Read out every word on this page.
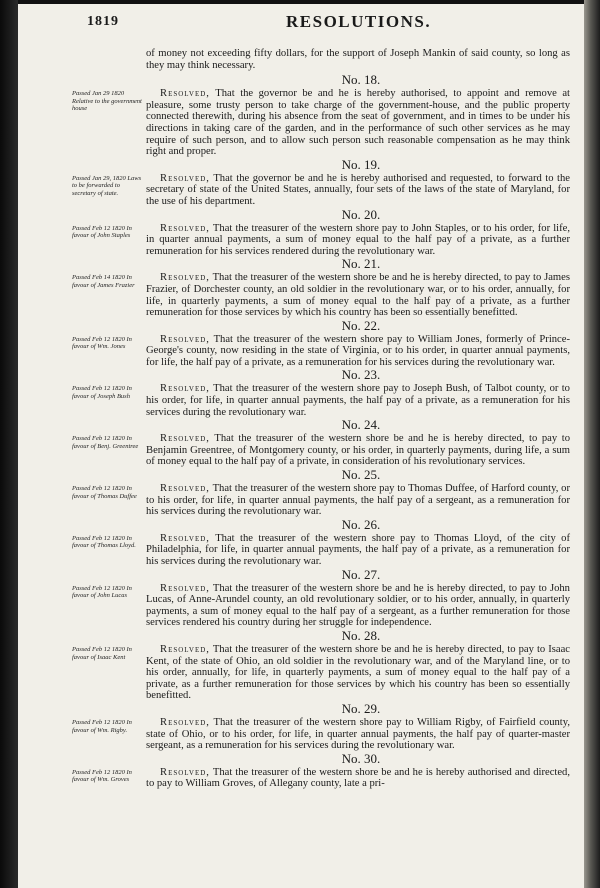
1819	RESOLUTIONS.
of money not exceeding fifty dollars, for the support of Joseph Mankin of said county, so long as they may think necessary.
No. 18.
Passed Jan 29 1820 Relative to the government house
Resolved, That the governor be and he is hereby authorised, to appoint and remove at pleasure, some trusty person to take charge of the government-house, and the public property connected therewith, during his absence from the seat of government, and in times to be under his directions in taking care of the garden, and in the performance of such other services as he may require of such person, and to allow such person such reasonable compensation as he may think right and proper.
No. 19.
Passed Jan 29, 1820 Laws to be forwarded to secretary of state.
Resolved, That the governor be and he is hereby authorised and requested, to forward to the secretary of state of the United States, annually, four sets of the laws of the state of Maryland, for the use of his department.
No. 20.
Passed Feb 12 1820 In favour of John Staples
Resolved, That the treasurer of the western shore pay to John Staples, or to his order, for life, in quarter annual payments, a sum of money equal to the half pay of a private, as a further remuneration for his services rendered during the revolutionary war.
No. 21.
Passed Feb 14 1820 In favour of James Frazier
Resolved, That the treasurer of the western shore be and he is hereby directed, to pay to James Frazier, of Dorchester county, an old soldier in the revolutionary war, or to his order, annually, for life, in quarterly payments, a sum of money equal to the half pay of a private, as a further remuneration for those services by which his country has been so essentially benefitted.
No. 22.
Passed Feb 12 1820 In favour of Wm. Jones
Resolved, That the treasurer of the western shore pay to William Jones, formerly of Prince-George's county, now residing in the state of Virginia, or to his order, in quarter annual payments, for life, the half pay of a private, as a remuneration for his services during the revolutionary war.
No. 23.
Passed Feb 12 1820 In favour of Joseph Bush
Resolved, That the treasurer of the western shore pay to Joseph Bush, of Talbot county, or to his order, for life, in quarter annual payments, the half pay of a private, as a remuneration for his services during the revolutionary war.
No. 24.
Passed Feb 12 1820 In favour of Benj. Greentree
Resolved, That the treasurer of the western shore be and he is hereby directed, to pay to Benjamin Greentree, of Montgomery county, or his order, in quarterly payments, during life, a sum of money equal to the half pay of a private, in consideration of his revolutionary services.
No. 25.
Passed Feb 12 1820 In favour of Thomas Duffee
Resolved, That the treasurer of the western shore pay to Thomas Duffee, of Harford county, or to his order, for life, in quarter annual payments, the half pay of a sergeant, as a remuneration for his services during the revolutionary war.
No. 26.
Passed Feb 12 1820 In favour of Thomas Lloyd.
Resolved, That the treasurer of the western shore pay to Thomas Lloyd, of the city of Philadelphia, for life, in quarter annual payments, the half pay of a private, as a remuneration for his services during the revolutionary war.
No. 27.
Passed Feb 12 1820 In favour of John Lucas
Resolved, That the treasurer of the western shore be and he is hereby directed, to pay to John Lucas, of Anne-Arundel county, an old revolutionary soldier, or to his order, annually, in quarterly payments, a sum of money equal to the half pay of a sergeant, as a further remuneration for those services rendered his country during her struggle for independence.
No. 28.
Passed Feb 12 1820 In favour of Isaac Kent
Resolved, That the treasurer of the western shore be and he is hereby directed, to pay to Isaac Kent, of the state of Ohio, an old soldier in the revolutionary war, and of the Maryland line, or to his order, annually, for life, in quarterly payments, a sum of money equal to the half pay of a private, as a further remuneration for those services by which his country has been so essentially benefitted.
No. 29.
Passed Feb 12 1820 In favour of Wm. Rigby.
Resolved, That the treasurer of the western shore pay to William Rigby, of Fairfield county, state of Ohio, or to his order, for life, in quarter annual payments, the half pay of quarter-master sergeant, as a remuneration for his services during the revolutionary war.
No. 30.
Passed Feb 12 1820 In favour of Wm. Groves
Resolved, That the treasurer of the western shore be and he is hereby authorised and directed, to pay to William Groves, of Allegany county, late a pri-
